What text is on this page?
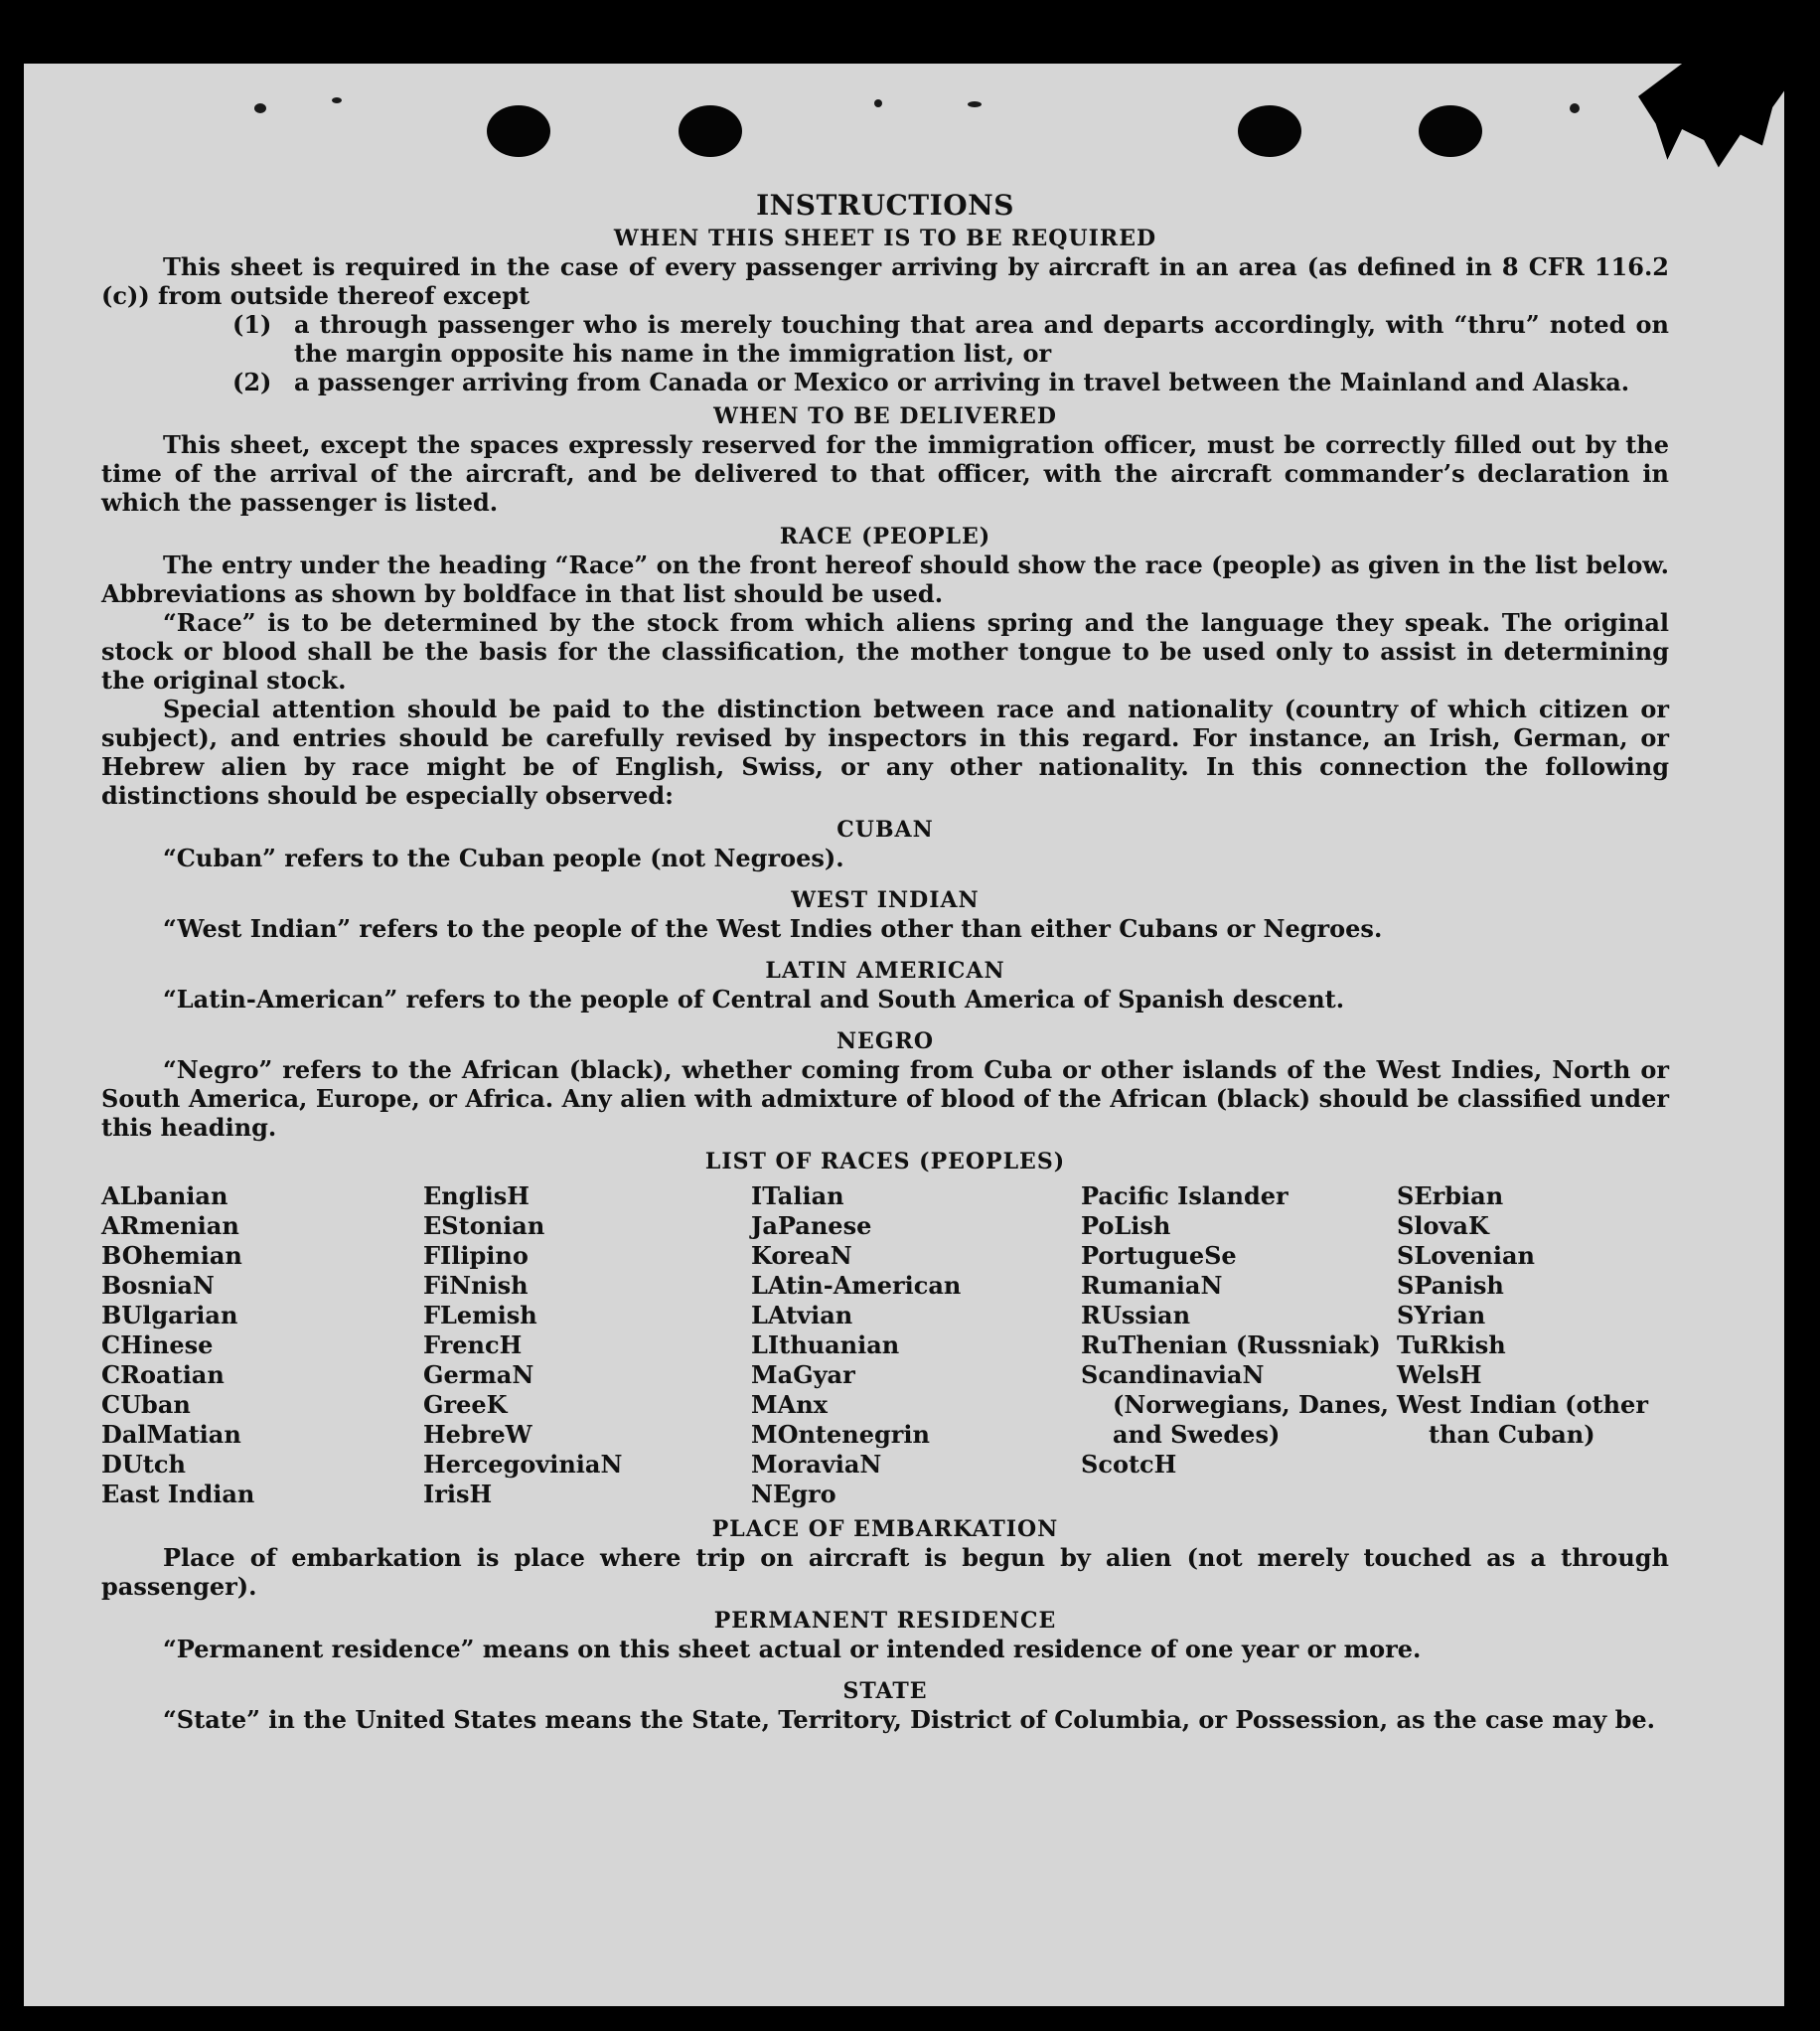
INSTRUCTIONS
WHEN THIS SHEET IS TO BE REQUIRED

This sheet is required in the case of every passenger arriving by aircraft in an area (as defined in 8 CFR 116.2 (c)) from outside thereof except

(1) a through passenger who is merely touching that area and departs accordingly, with “thru” noted on the margin opposite his name in the immigration list, or
(2) a passenger arriving from Canada or Mexico or arriving in travel between the Mainland and Alaska.
WHEN TO BE DELIVERED

This sheet, except the spaces expressly reserved for the immigration officer, must be correctly filled out by the time of the arrival of the aircraft, and be delivered to that officer, with the aircraft commander’s declaration in which the passenger is listed.

RACE (PEOPLE)

The entry under the heading “Race” on the front hereof should show the race (people) as given in the list below. Abbreviations as shown by boldface in that list should be used.

“Race” is to be determined by the stock from which aliens spring and the language they speak. The original stock or blood shall be the basis for the classification, the mother tongue to be used only to assist in determining the original stock.

Special attention should be paid to the distinction between race and nationality (country of which citizen or subject), and entries should be carefully revised by inspectors in this regard. For instance, an Irish, German, or Hebrew alien by race might be of English, Swiss, or any other nationality. In this connection the following distinctions should be especially observed:

CUBAN

“Cuban” refers to the Cuban people (not Negroes).

WEST INDIAN

“West Indian” refers to the people of the West Indies other than either Cubans or Negroes.

LATIN AMERICAN

“Latin-American” refers to the people of Central and South America of Spanish descent.

NEGRO

“Negro” refers to the African (black), whether coming from Cuba or other islands of the West Indies, North or South America, Europe, or Africa. Any alien with admixture of blood of the African (black) should be classified under this heading.

LIST OF RACES (PEOPLES)
ALbanian
ARmenian
BOhemian
BosniaN
BUlgarian
CHinese
CRoatian
CUban
DalMatian
DUtch
East Indian
EnglisH
EStonian
FIlipino
FiNnish
FLemish
FrencH
GermaN
GreeK
HebreW
HercegoviniaN
IrisH
ITalian
JaPanese
KoreaN
LAtin-American
LAtvian
LIthuanian
MaGyar
MAnx
MOntenegrin
MoraviaN
NEgro
Pacific Islander
PoLish
PortugueSe
RumaniaN
RUssian
RuThenian (Russniak)
ScandinaviaN (Norwegians, Danes, and Swedes)
ScotcH
SErbian
SlovaK
SLovenian
SPanish
SYrian
TuRkish
WelsH
West Indian (other than Cuban)
PLACE OF EMBARKATION

Place of embarkation is place where trip on aircraft is begun by alien (not merely touched as a through passenger).

PERMANENT RESIDENCE

“Permanent residence” means on this sheet actual or intended residence of one year or more.

STATE

“State” in the United States means the State, Territory, District of Columbia, or Possession, as the case may be.
